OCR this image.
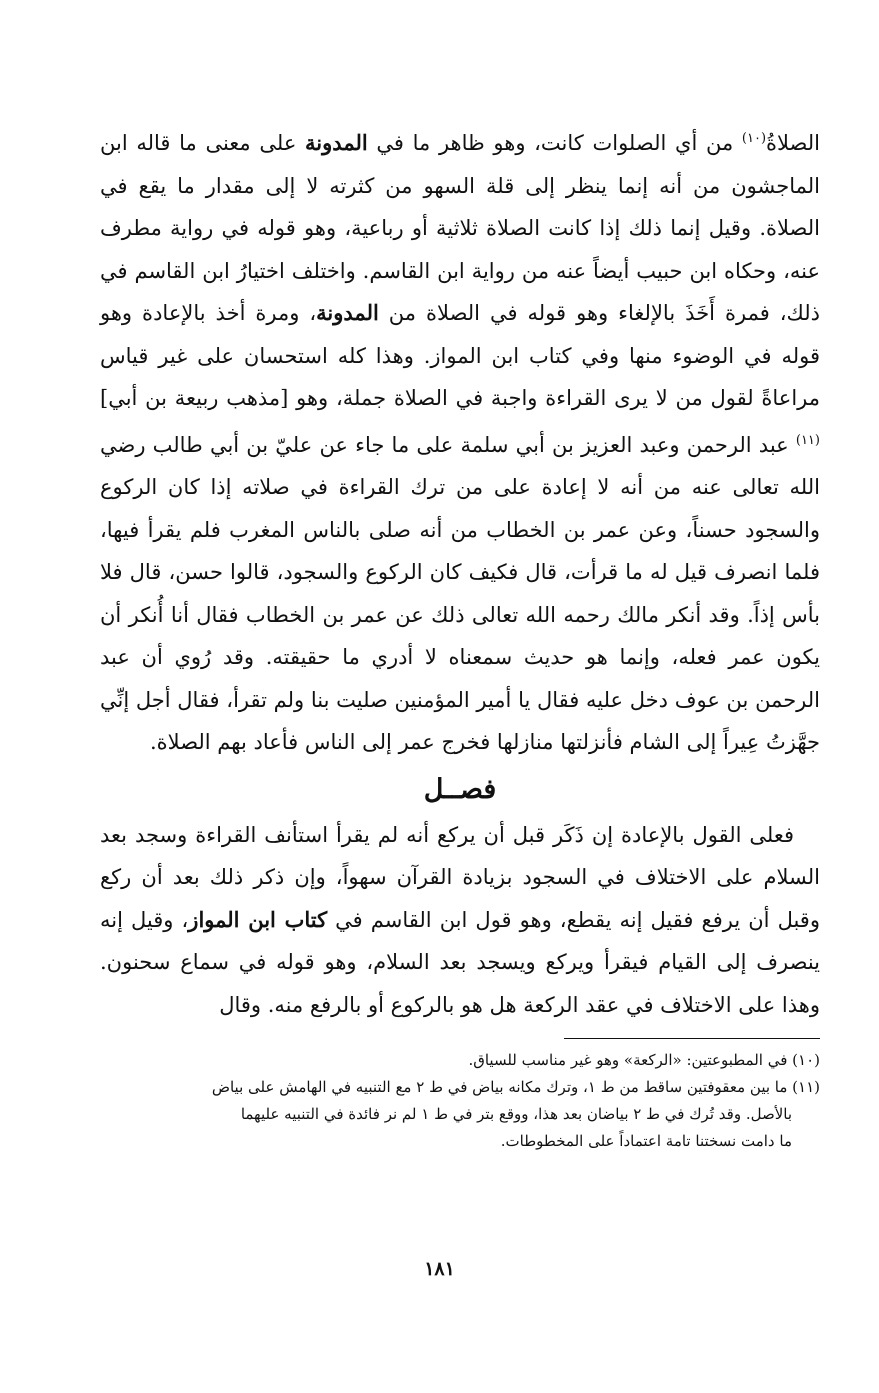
الصلاةُ$^{(١٠)}$ من أي الصلوات كانت، وهو ظاهر ما في المدونة على معنى ما قاله ابن الماجشون من أنه إنما ينظر إلى قلة السهو من كثرته لا إلى مقدار ما يقع في الصلاة. وقيل إنما ذلك إذا كانت الصلاة ثلاثية أو رباعية، وهو قوله في رواية مطرف عنه، وحكاه ابن حبيب أيضاً عنه من رواية ابن القاسم. واختلف اختيارُ ابن القاسم في ذلك، فمرة أَخَذَ بالإلغاء وهو قوله في الصلاة من المدونة، ومرة أخذ بالإعادة وهو قوله في الوضوء منها وفي كتاب ابن المواز. وهذا كله استحسان على غير قياس مراعاةً لقول من لا يرى القراءة واجبة في الصلاة جملة، وهو [مذهب ربيعة بن أبي]$^{(١١)}$ عبد الرحمن وعبد العزيز بن أبي سلمة على ما جاء عن عليّ بن أبي طالب رضي الله تعالى عنه من أنه لا إعادة على من ترك القراءة في صلاته إذا كان الركوع والسجود حسناً، وعن عمر بن الخطاب من أنه صلى بالناس المغرب فلم يقرأ فيها، فلما انصرف قيل له ما قرأت، قال فكيف كان الركوع والسجود، قالوا حسن، قال فلا بأس إذاً. وقد أنكر مالك رحمه الله تعالى ذلك عن عمر بن الخطاب فقال أنا أُنكر أن يكون عمر فعله، وإنما هو حديث سمعناه لا أدري ما حقيقته. وقد رُوي أن عبد الرحمن بن عوف دخل عليه فقال يا أمير المؤمنين صليت بنا ولم تقرأ، فقال أجل إنِّي جهَّزتُ عِيراً إلى الشام فأنزلتها منازلها فخرج عمر إلى الناس فأعاد بهم الصلاة.

فصــل

فعلى القول بالإعادة إن ذَكَر قبل أن يركع أنه لم يقرأ استأنف القراءة وسجد بعد السلام على الاختلاف في السجود بزيادة القرآن سهواً، وإن ذكر ذلك بعد أن ركع وقبل أن يرفع فقيل إنه يقطع، وهو قول ابن القاسم في كتاب ابن المواز، وقيل إنه ينصرف إلى القيام فيقرأ ويركع ويسجد بعد السلام، وهو قوله في سماع سحنون. وهذا على الاختلاف في عقد الركعة هل هو بالركوع أو بالرفع منه. وقال

(١٠) في المطبوعتين: «الركعة» وهو غير مناسب للسياق.

(١١) ما بين معقوفتين ساقط من ط ١، وترك مكانه بياض في ط ٢ مع التنبيه في الهامش على بياض

بالأصل. وقد تُرك في ط ٢ بياضان بعد هذا، ووقع بتر في ط ١ لم نر فائدة في التنبيه عليهما

ما دامت نسختنا تامة اعتماداً على المخطوطات.

١٨١
